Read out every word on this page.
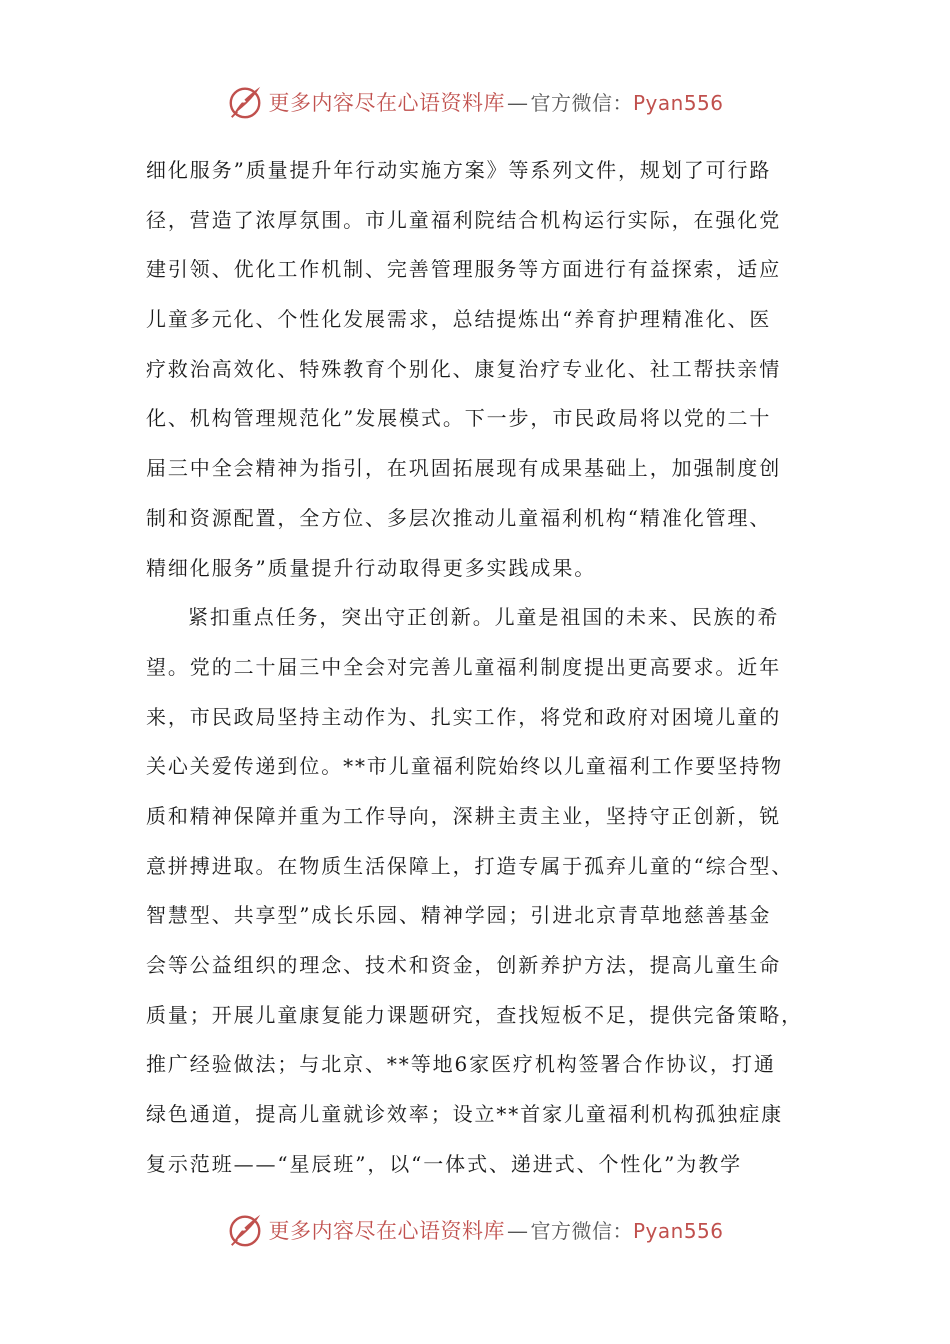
更多内容尽在心语资料库— 官方微信：Pyan556
细化服务”质量提升年行动实施方案》等系列文件，规划了可行路
径，营造了浓厚氛围。市儿童福利院结合机构运行实际，在强化党
建引领、优化工作机制、完善管理服务等方面进行有益探索，适应
儿童多元化、个性化发展需求，总结提炼出“养育护理精准化、医
疗救治高效化、特殊教育个别化、康复治疗专业化、社工帮扶亲情
化、机构管理规范化”发展模式。下一步，市民政局将以党的二十
届三中全会精神为指引，在巩固拓展现有成果基础上，加强制度创
制和资源配置，全方位、多层次推动儿童福利机构“精准化管理、
精细化服务”质量提升行动取得更多实践成果。
紧扣重点任务，突出守正创新。儿童是祖国的未来、民族的希
望。党的二十届三中全会对完善儿童福利制度提出更高要求。近年
来，市民政局坚持主动作为、扎实工作，将党和政府对困境儿童的
关心关爱传递到位。**市儿童福利院始终以儿童福利工作要坚持物
质和精神保障并重为工作导向，深耕主责主业，坚持守正创新，锐
意拼搏进取。在物质生活保障上，打造专属于孤弃儿童的“综合型、
智慧型、共享型”成长乐园、精神学园；引进北京青草地慈善基金
会等公益组织的理念、技术和资金，创新养护方法，提高儿童生命
质量；开展儿童康复能力课题研究，查找短板不足，提供完备策略，
推广经验做法；与北京、**等地6家医疗机构签署合作协议，打通
绿色通道，提高儿童就诊效率；设立**首家儿童福利机构孤独症康
复示范班——“星辰班”，以“一体式、递进式、个性化”为教学
更多内容尽在心语资料库— 官方微信：Pyan556
